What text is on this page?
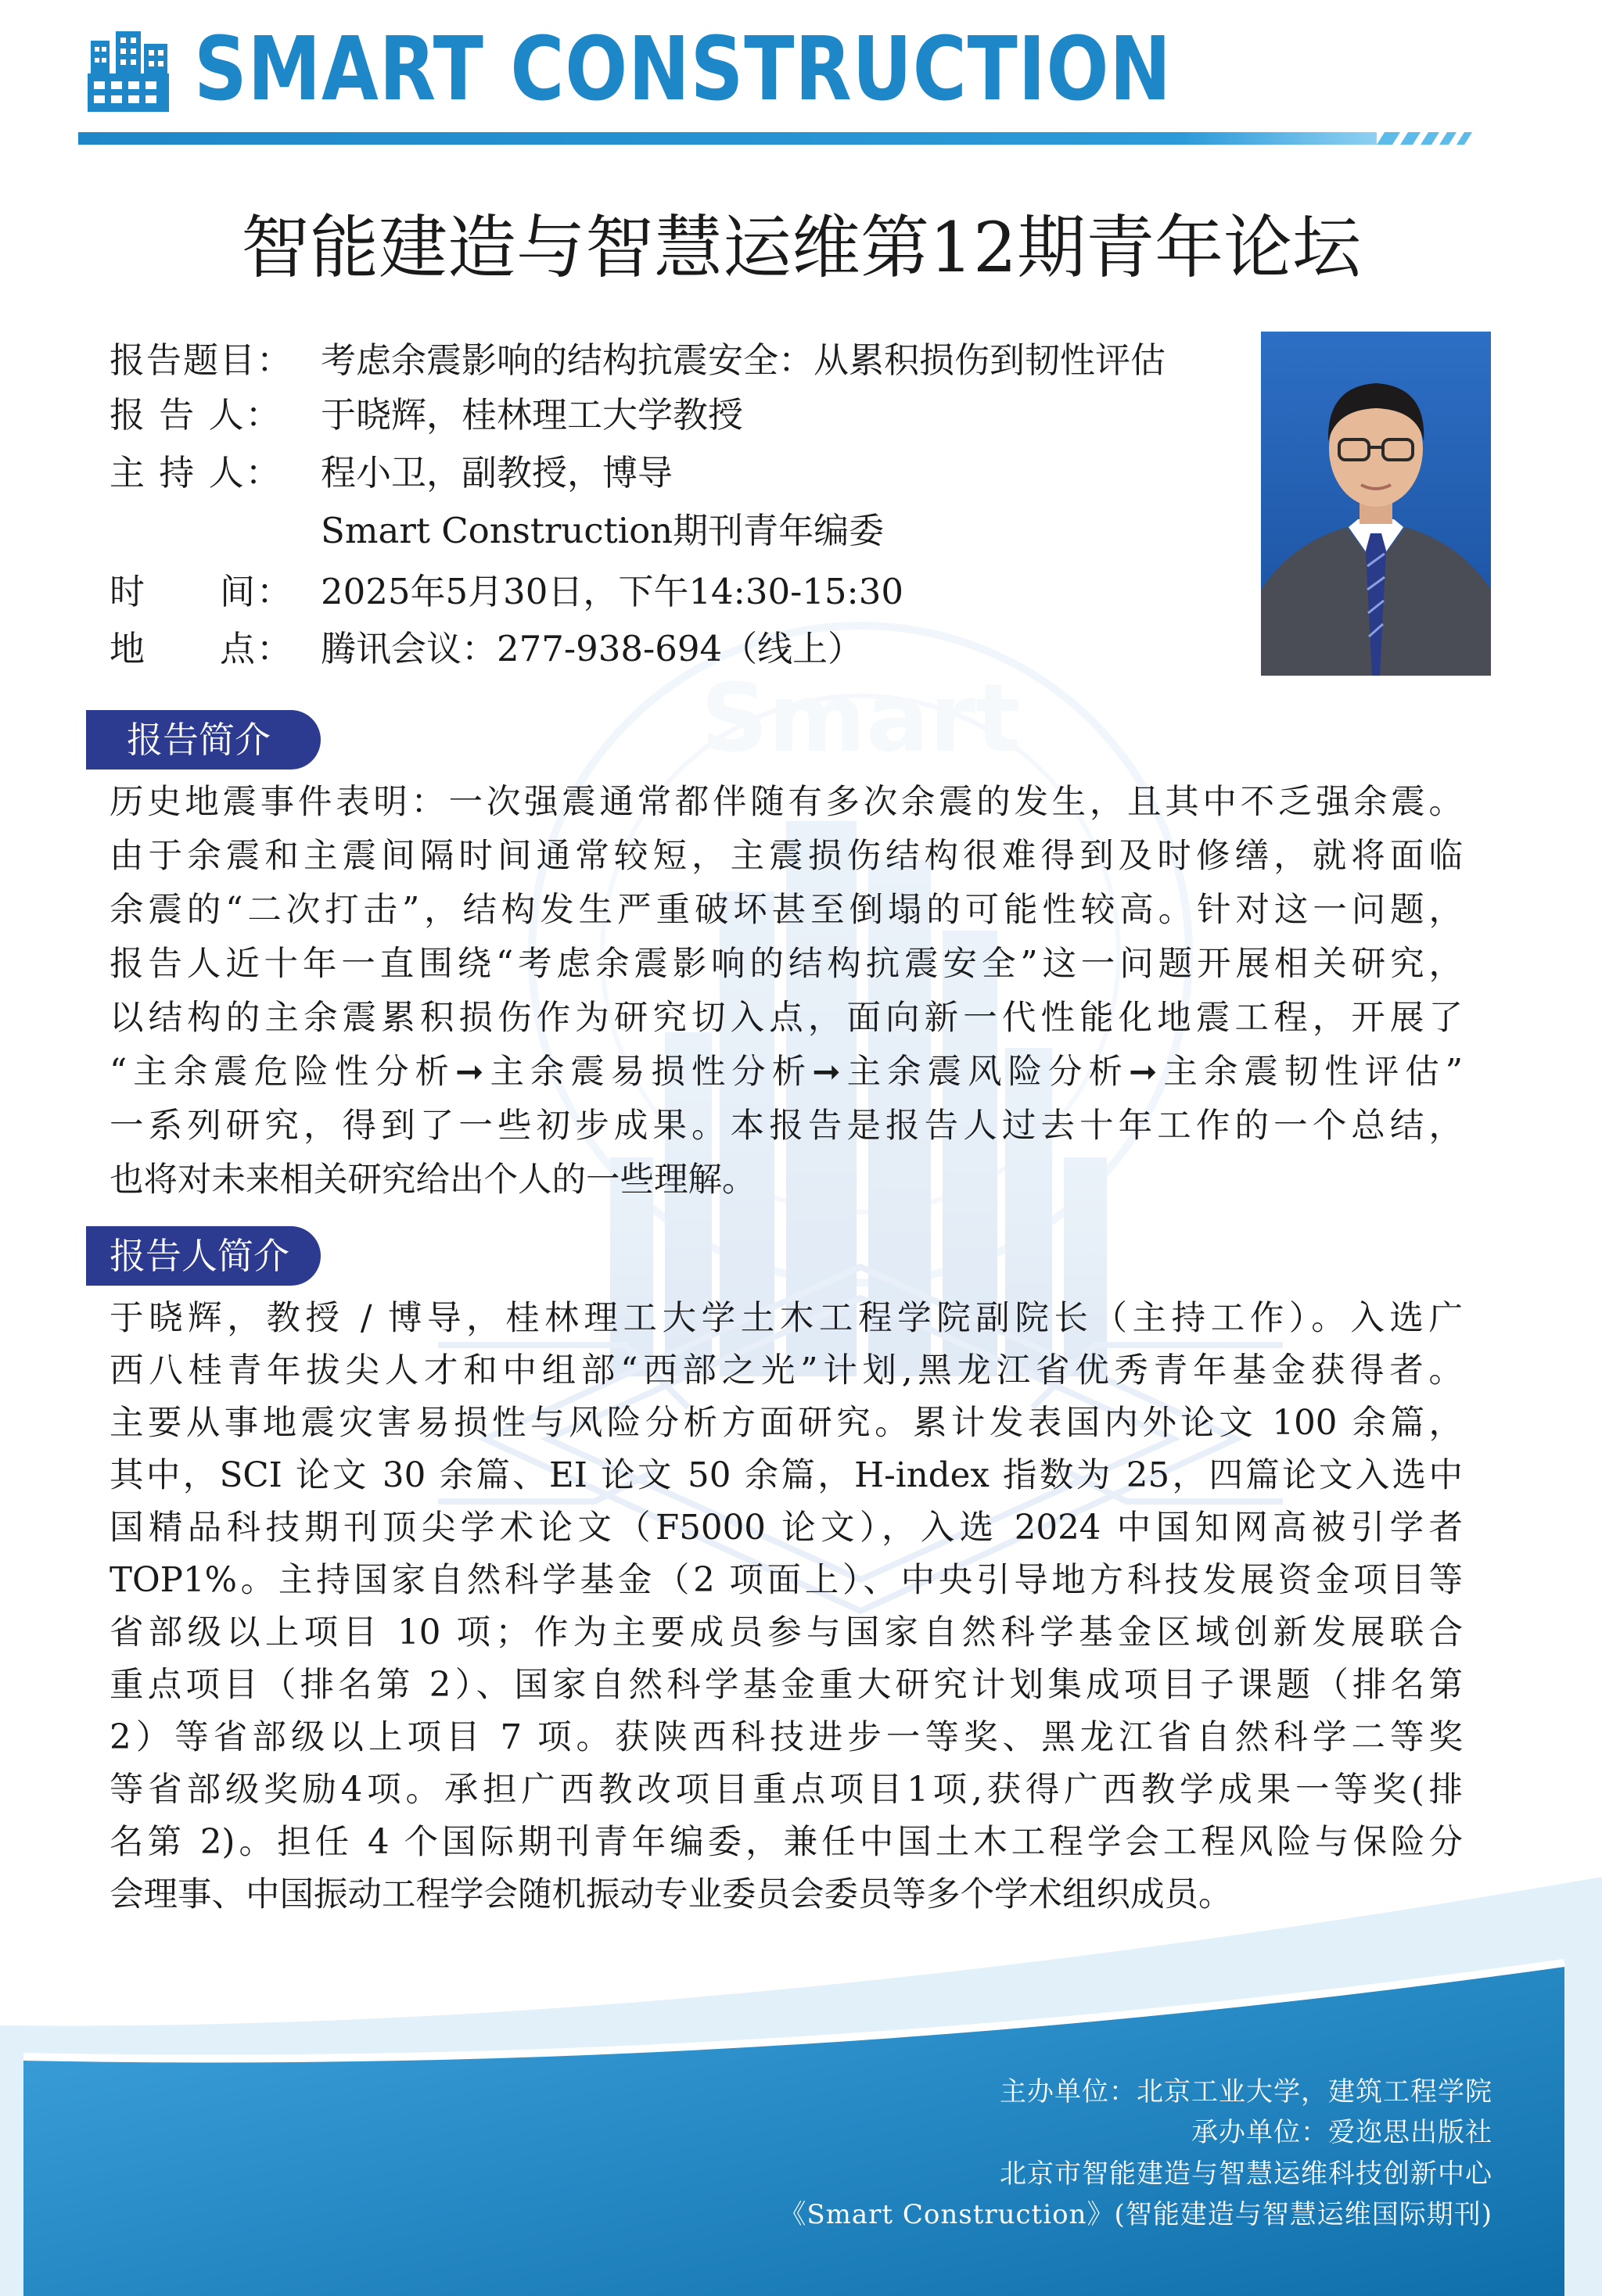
Smart
SMART CONSTRUCTION
智能建造与智慧运维第12期青年论坛
报告题目： 考虑余震影响的结构抗震安全：从累积损伤到韧性评估
报 告 人：	于晓辉，桂林理工大学教授
主 持 人：	程小卫，副教授，博导
Smart Construction期刊青年编委
时　　间： 2025年5月30日，下午14:30-15:30
地　　点： 腾讯会议：277-938-694（线上）
报告简介
历史地震事件表明：一次强震通常都伴随有多次余震的发生，且其中不乏强余震。
由于余震和主震间隔时间通常较短，主震损伤结构很难得到及时修缮，就将面临
余震的“二次打击”，结构发生严重破坏甚至倒塌的可能性较高。针对这一问题，
报告人近十年一直围绕“考虑余震影响的结构抗震安全”这一问题开展相关研究，
以结构的主余震累积损伤作为研究切入点，面向新一代性能化地震工程，开展了
“主余震危险性分析➞主余震易损性分析➞主余震风险分析➞主余震韧性评估”
一系列研究，得到了一些初步成果。本报告是报告人过去十年工作的一个总结，
也将对未来相关研究给出个人的一些理解。
报告人简介
于晓辉，教授 / 博导，桂林理工大学土木工程学院副院长（主持工作）。入选广
西八桂青年拔尖人才和中组部“西部之光”计划,黑龙江省优秀青年基金获得者。
主要从事地震灾害易损性与风险分析方面研究。累计发表国内外论文 100 余篇，
其中，SCI 论文 30 余篇、EI 论文 50 余篇，H-index 指数为 25，四篇论文入选中
国精品科技期刊顶尖学术论文（F5000 论文），入选 2024 中国知网高被引学者
TOP1%。主持国家自然科学基金（2 项面上）、中央引导地方科技发展资金项目等
省部级以上项目 10 项；作为主要成员参与国家自然科学基金区域创新发展联合
重点项目（排名第 2）、国家自然科学基金重大研究计划集成项目子课题（排名第
2）等省部级以上项目 7 项。获陕西科技进步一等奖、黑龙江省自然科学二等奖
等省部级奖励4项。承担广西教改项目重点项目1项,获得广西教学成果一等奖(排
名第 2)。担任 4 个国际期刊青年编委，兼任中国土木工程学会工程风险与保险分
会理事、中国振动工程学会随机振动专业委员会委员等多个学术组织成员。
主办单位：北京工业大学，建筑工程学院
承办单位：爱迩思出版社
北京市智能建造与智慧运维科技创新中心
《Smart Construction》(智能建造与智慧运维国际期刊)
